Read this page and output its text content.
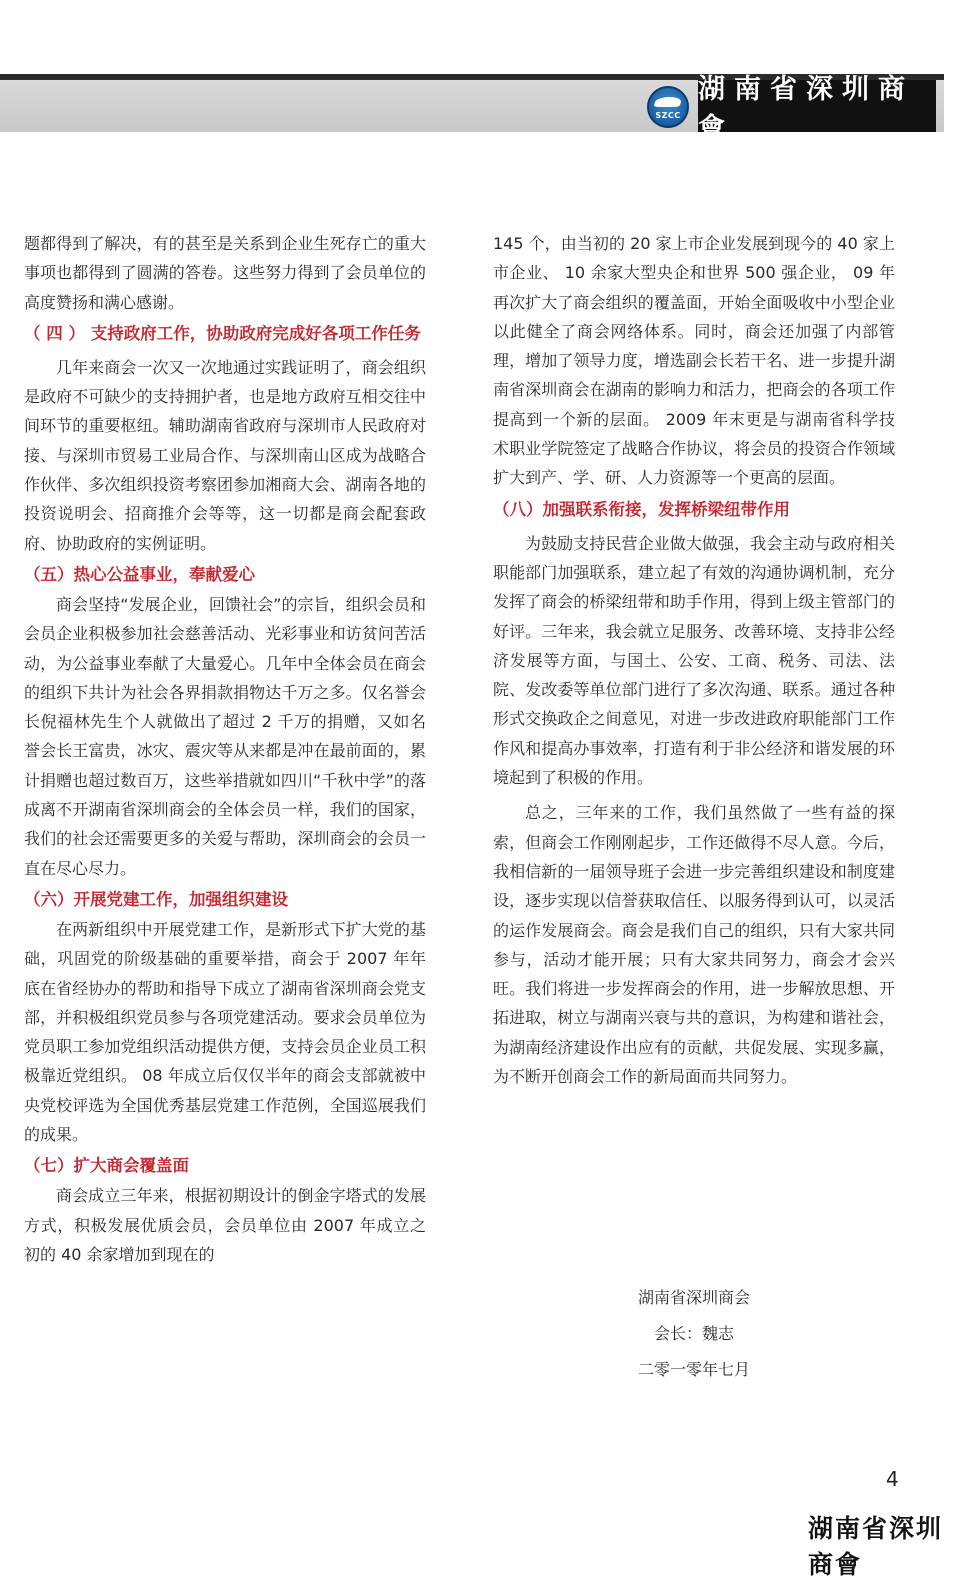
SZCC
湖南省深圳商會

题都得到了解决，有的甚至是关系到企业生死存亡的重大事项也都得到了圆满的答卷。这些努力得到了会员单位的高度赞扬和满心感谢。

（ 四 ） 支持政府工作，协助政府完成好各项工作任务

几年来商会一次又一次地通过实践证明了，商会组织是政府不可缺少的支持拥护者，也是地方政府互相交往中间环节的重要枢纽。辅助湖南省政府与深圳市人民政府对接、与深圳市贸易工业局合作、与深圳南山区成为战略合作伙伴、多次组织投资考察团参加湘商大会、湖南各地的投资说明会、招商推介会等等，这一切都是商会配套政府、协助政府的实例证明。

（五）热心公益事业，奉献爱心

商会坚持“发展企业，回馈社会”的宗旨，组织会员和会员企业积极参加社会慈善活动、光彩事业和访贫问苦活动，为公益事业奉献了大量爱心。几年中全体会员在商会的组织下共计为社会各界捐款捐物达千万之多。仅名誉会长倪福林先生个人就做出了超过 2 千万的捐赠，又如名誉会长王富贵，冰灾、震灾等从来都是冲在最前面的，累计捐赠也超过数百万，这些举措就如四川“千秋中学”的落成离不开湖南省深圳商会的全体会员一样，我们的国家，我们的社会还需要更多的关爱与帮助，深圳商会的会员一直在尽心尽力。

（六）开展党建工作，加强组织建设

在两新组织中开展党建工作，是新形式下扩大党的基础，巩固党的阶级基础的重要举措，商会于 2007 年年底在省经协办的帮助和指导下成立了湖南省深圳商会党支部，并积极组织党员参与各项党建活动。要求会员单位为党员职工参加党组织活动提供方便，支持会员企业员工积极靠近党组织。 08 年成立后仅仅半年的商会支部就被中央党校评选为全国优秀基层党建工作范例，全国巡展我们的成果。

（七）扩大商会覆盖面

商会成立三年来，根据初期设计的倒金字塔式的发展方式，积极发展优质会员，会员单位由 2007 年成立之初的 40 余家增加到现在的

145 个，由当初的 20 家上市企业发展到现今的 40 家上市企业、 10 余家大型央企和世界 500 强企业， 09 年再次扩大了商会组织的覆盖面，开始全面吸收中小型企业以此健全了商会网络体系。同时，商会还加强了内部管理，增加了领导力度，增选副会长若干名、进一步提升湖南省深圳商会在湖南的影响力和活力，把商会的各项工作提高到一个新的层面。 2009 年末更是与湖南省科学技术职业学院签定了战略合作协议，将会员的投资合作领域扩大到产、学、研、人力资源等一个更高的层面。

（八）加强联系衔接，发挥桥梁纽带作用

为鼓励支持民营企业做大做强，我会主动与政府相关职能部门加强联系，建立起了有效的沟通协调机制，充分发挥了商会的桥梁纽带和助手作用，得到上级主管部门的好评。三年来，我会就立足服务、改善环境、支持非公经济发展等方面，与国土、公安、工商、税务、司法、法院、发改委等单位部门进行了多次沟通、联系。通过各种形式交换政企之间意见，对进一步改进政府职能部门工作作风和提高办事效率，打造有利于非公经济和谐发展的环境起到了积极的作用。

总之，三年来的工作，我们虽然做了一些有益的探索，但商会工作刚刚起步，工作还做得不尽人意。今后，我相信新的一届领导班子会进一步完善组织建设和制度建设，逐步实现以信誉获取信任、以服务得到认可，以灵活的运作发展商会。商会是我们自己的组织，只有大家共同参与，活动才能开展；只有大家共同努力，商会才会兴旺。我们将进一步发挥商会的作用，进一步解放思想、开拓进取，树立与湖南兴衰与共的意识，为构建和谐社会，为湖南经济建设作出应有的贡献，共促发展、实现多赢，为不断开创商会工作的新局面而共同努力。

湖南省深圳商会
会长：魏志
二零一零年七月
4
湖南省深圳商會
